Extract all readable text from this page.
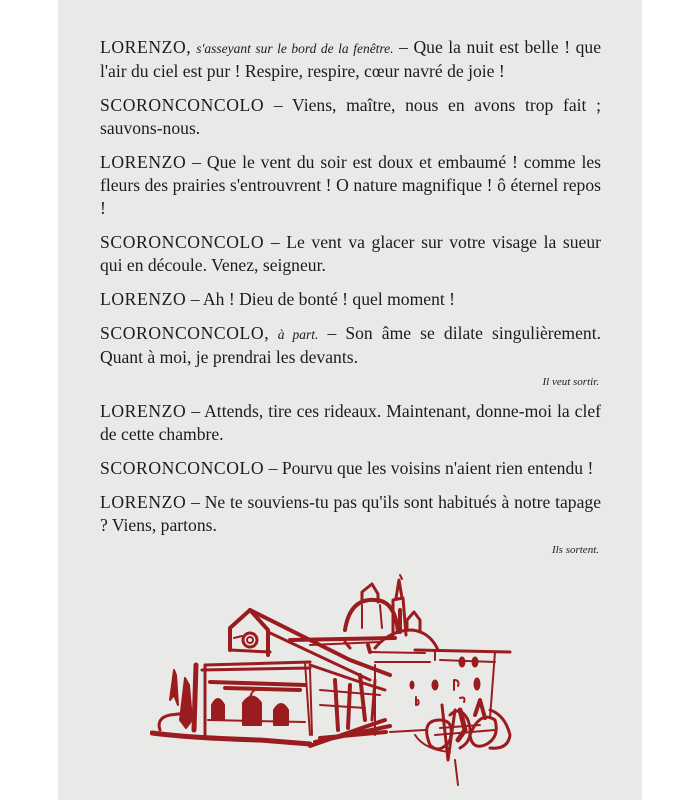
LORENZO, s'asseyant sur le bord de la fenêtre. – Que la nuit est belle ! que l'air du ciel est pur ! Respire, respire, cœur navré de joie !

SCORONCONCOLO – Viens, maître, nous en avons trop fait ; sauvons-nous.

LORENZO – Que le vent du soir est doux et embaumé ! comme les fleurs des prairies s'entrouvrent ! O nature magnifique ! ô éternel repos !

SCORONCONCOLO – Le vent va glacer sur votre visage la sueur qui en découle. Venez, seigneur.

LORENZO – Ah ! Dieu de bonté ! quel moment !

SCORONCONCOLO, à part. – Son âme se dilate singulièrement. Quant à moi, je prendrai les devants.

Il veut sortir.

LORENZO – Attends, tire ces rideaux. Maintenant, donne-moi la clef de cette chambre.

SCORONCONCOLO – Pourvu que les voisins n'aient rien entendu !

LORENZO – Ne te souviens-tu pas qu'ils sont habitués à notre tapage ? Viens, partons.

Ils sortent.
